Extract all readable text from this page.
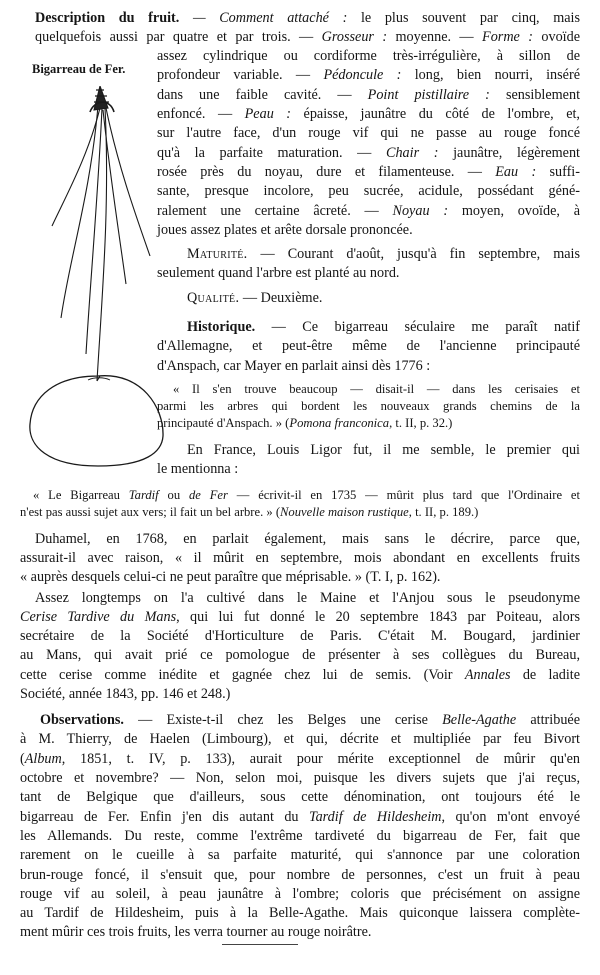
Bigarreau de Fer.
Description du fruit. — Comment attaché : le plus souvent par cinq, mais
quelquefois aussi par quatre et par trois. — Grosseur : moyenne. — Forme : ovoïde
assez cylindrique ou cordiforme très-irrégulière, à sillon de
profondeur variable. — Pédoncule : long, bien nourri, inséré
dans une faible cavité. — Point pistillaire : sensiblement
enfoncé. — Peau : épaisse, jaunâtre du côté de l'ombre, et,
sur l'autre face, d'un rouge vif qui ne passe au rouge foncé
qu'à la parfaite maturation. — Chair : jaunâtre, légèrement
rosée près du noyau, dure et filamenteuse. — Eau : suffi-
sante, presque incolore, peu sucrée, acidule, possédant géné-
ralement une certaine âcreté. — Noyau : moyen, ovoïde, à
joues assez plates et arête dorsale prononcée.
Maturité. — Courant d'août, jusqu'à fin septembre, mais
seulement quand l'arbre est planté au nord.
Qualité. — Deuxième.
Historique. — Ce bigarreau séculaire me paraît natif
d'Allemagne, et peut-être même de l'ancienne principauté
d'Anspach, car Mayer en parlait ainsi dès 1776 :
« Il s'en trouve beaucoup — disait-il — dans les cerisaies et
parmi les arbres qui bordent les nouveaux grands chemins de la
principauté d'Anspach. » (Pomona franconica, t. II, p. 32.)
En France, Louis Ligor fut, il me semble, le premier qui
le mentionna :
« Le Bigarreau Tardif ou de Fer — écrivit-il en 1735 — mûrit plus tard que l'Ordinaire et
n'est pas aussi sujet aux vers; il fait un bel arbre. » (Nouvelle maison rustique, t. II, p. 189.)
Duhamel, en 1768, en parlait également, mais sans le décrire, parce que,
assurait-il avec raison, « il mûrit en septembre, mois abondant en excellents fruits
« auprès desquels celui-ci ne peut paraître que méprisable. » (T. I, p. 162).
Assez longtemps on l'a cultivé dans le Maine et l'Anjou sous le pseudonyme
Cerise Tardive du Mans, qui lui fut donné le 20 septembre 1843 par Poiteau, alors
secrétaire de la Société d'Horticulture de Paris. C'était M. Bougard, jardinier
au Mans, qui avait prié ce pomologue de présenter à ses collègues du Bureau,
cette cerise comme inédite et gagnée chez lui de semis. (Voir Annales de ladite
Société, année 1843, pp. 146 et 248.)
Observations. — Existe-t-il chez les Belges une cerise Belle-Agathe attribuée
à M. Thierry, de Haelen (Limbourg), et qui, décrite et multipliée par feu Bivort
(Album, 1851, t. IV, p. 133), aurait pour mérite exceptionnel de mûrir qu'en
octobre et novembre? — Non, selon moi, puisque les divers sujets que j'ai reçus,
tant de Belgique que d'ailleurs, sous cette dénomination, ont toujours été le
bigarreau de Fer. Enfin j'en dis autant du Tardif de Hildesheim, qu'on m'ont envoyé
les Allemands. Du reste, comme l'extrême tardiveté du bigarreau de Fer, fait que
rarement on le cueille à sa parfaite maturité, qui s'annonce par une coloration
brun-rouge foncé, il s'ensuit que, pour nombre de personnes, c'est un fruit à peau
rouge vif au soleil, à peau jaunâtre à l'ombre; coloris que précisément on assigne
au Tardif de Hildesheim, puis à la Belle-Agathe. Mais quiconque laissera complète-
ment mûrir ces trois fruits, les verra tourner au rouge noirâtre.
